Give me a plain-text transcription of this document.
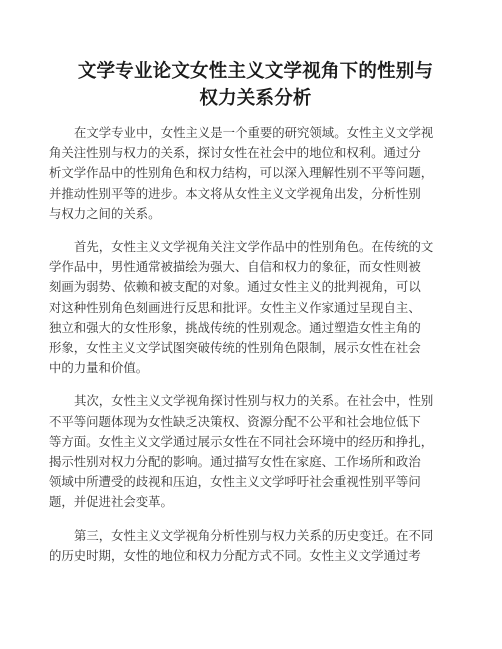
文学专业论文女性主义文学视角下的性别与
权力关系分析
在文学专业中，女性主义是一个重要的研究领域。女性主义文学视
角关注性别与权力的关系，探讨女性在社会中的地位和权利。通过分
析文学作品中的性别角色和权力结构，可以深入理解性别不平等问题，
并推动性别平等的进步。本文将从女性主义文学视角出发，分析性别
与权力之间的关系。
首先，女性主义文学视角关注文学作品中的性别角色。在传统的文
学作品中，男性通常被描绘为强大、自信和权力的象征，而女性则被
刻画为弱势、依赖和被支配的对象。通过女性主义的批判视角，可以
对这种性别角色刻画进行反思和批评。女性主义作家通过呈现自主、
独立和强大的女性形象，挑战传统的性别观念。通过塑造女性主角的
形象，女性主义文学试图突破传统的性别角色限制，展示女性在社会
中的力量和价值。
其次，女性主义文学视角探讨性别与权力的关系。在社会中，性别
不平等问题体现为女性缺乏决策权、资源分配不公平和社会地位低下
等方面。女性主义文学通过展示女性在不同社会环境中的经历和挣扎，
揭示性别对权力分配的影响。通过描写女性在家庭、工作场所和政治
领域中所遭受的歧视和压迫，女性主义文学呼吁社会重视性别平等问
题，并促进社会变革。
第三，女性主义文学视角分析性别与权力关系的历史变迁。在不同
的历史时期，女性的地位和权力分配方式不同。女性主义文学通过考
